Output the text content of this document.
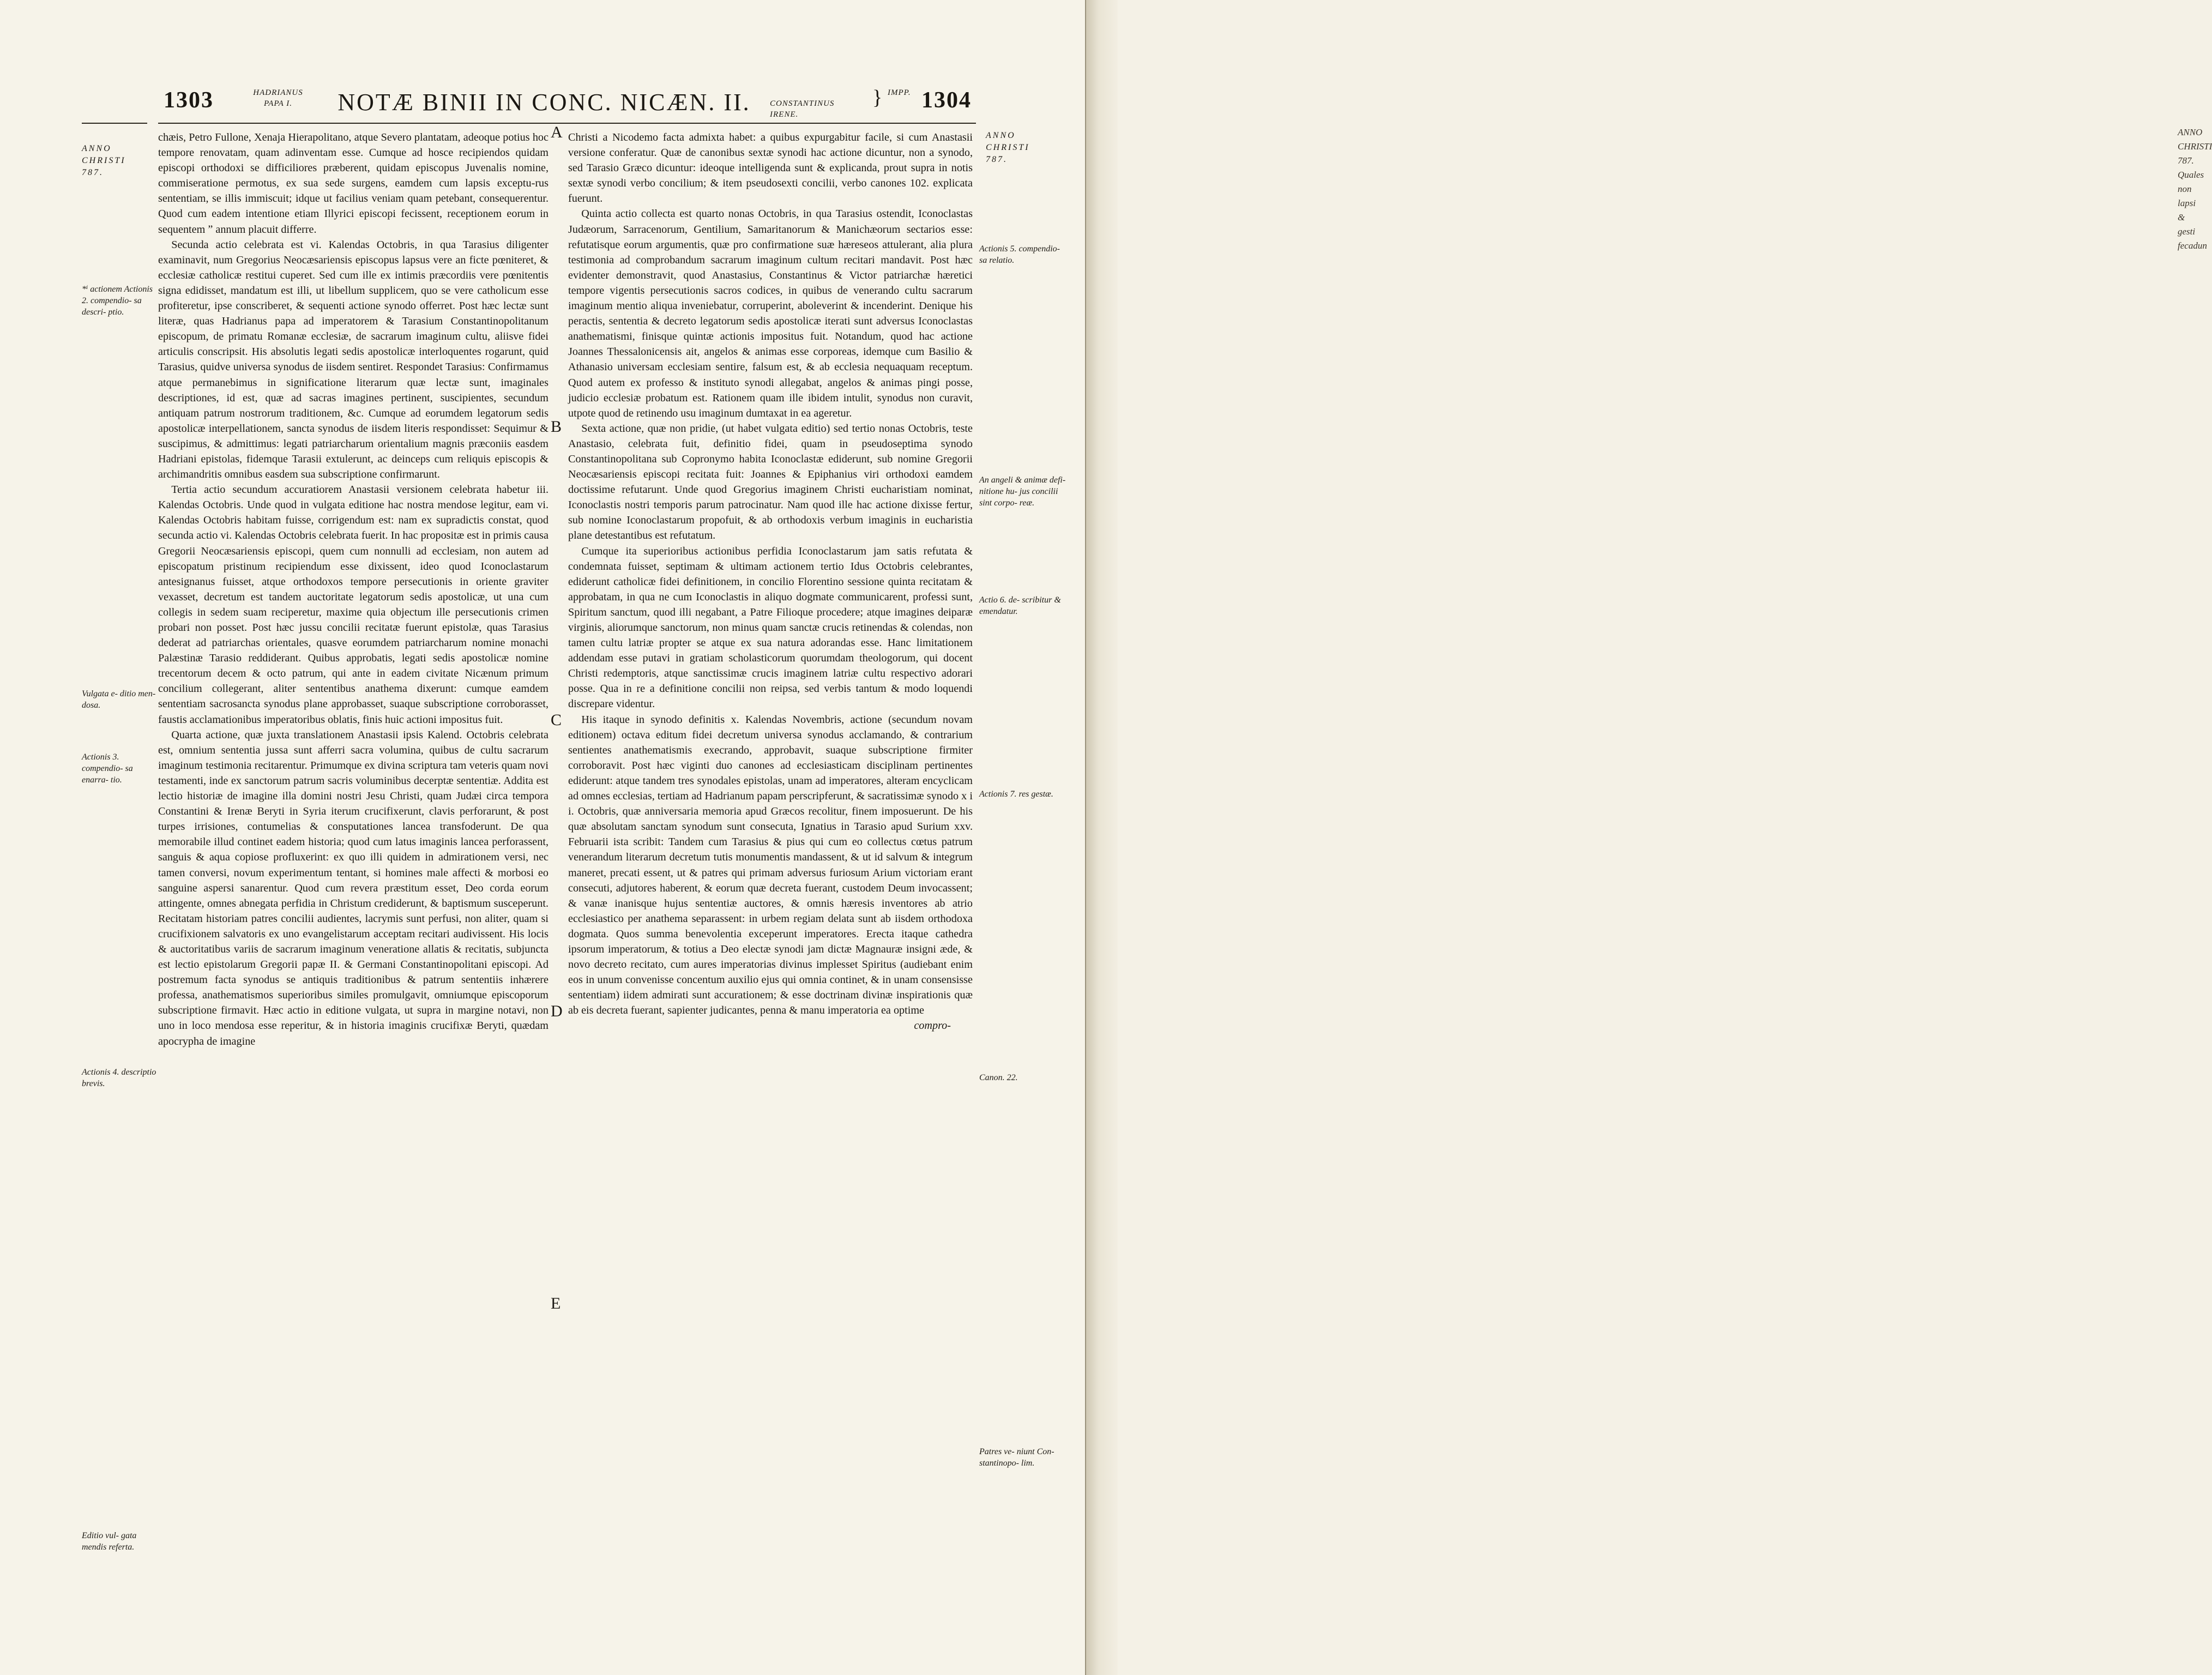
ANNO CHRISTI 787. Quales non lapsi & gesti fecadun
1303	HADRIANUS
PAPA I.	NOTÆ BINII IN CONC. NICÆN. II. CONSTANTINUS
IRENE.

} IMPP. 1304
ANNO CHRISTI 787.
ANNO CHRISTI 787.
*ⁱ actionem Actionis 2. compendio- sa descri- ptio.
Vulgata e- ditio men- dosa.
Actionis 3. compendio- sa enarra- tio.
Actionis 4. descriptio brevis.
Editio vul- gata mendis referta.
Actionis 5. compendio- sa relatio.
An angeli & animæ defi- nitione hu- jus concilii sint corpo- reæ.
Actio 6. de- scribitur & emendatur.
Actionis 7. res gestæ.
Canon. 22.
Patres ve- niunt Con- stantinopo- lim.
A
B
C
D
E

chæis, Petro Fullone, Xenaja Hierapolitano, atque Severo plantatam, adeoque potius hoc tempore renovatam, quam adinventam esse. Cumque ad hosce recipiendos quidam episcopi orthodoxi se difficiliores præberent, quidam episcopus Juvenalis nomine, commiseratione permotus, ex sua sede surgens, eamdem cum lapsis exceptu-rus sententiam, se illis immiscuit; idque ut facilius veniam quam petebant, consequerentur. Quod cum eadem intentione etiam Illyrici episcopi fecissent, receptionem eorum in sequentem ˮ annum placuit differre.

Secunda actio celebrata est vi. Kalendas Octobris, in qua Tarasius diligenter examinavit, num Gregorius Neocæsariensis episcopus lapsus vere an ficte pœniteret, & ecclesiæ catholicæ restitui cuperet. Sed cum ille ex intimis præcordiis vere pœnitentis signa edidisset, mandatum est illi, ut libellum supplicem, quo se vere catholicum esse profiteretur, ipse conscriberet, & sequenti actione synodo offerret. Post hæc lectæ sunt literæ, quas Hadrianus papa ad imperatorem & Tarasium Constantinopolitanum episcopum, de primatu Romanæ ecclesiæ, de sacrarum imaginum cultu, aliisve fidei articulis conscripsit. His absolutis legati sedis apostolicæ interloquentes rogarunt, quid Tarasius, quidve universa synodus de iisdem sentiret. Respondet Tarasius: Confirmamus atque permanebimus in significatione literarum quæ lectæ sunt, imaginales descriptiones, id est, quæ ad sacras imagines pertinent, suscipientes, secundum antiquam patrum nostrorum traditionem, &c. Cumque ad eorumdem legatorum sedis apostolicæ interpellationem, sancta synodus de iisdem literis respondisset: Sequimur & suscipimus, & admittimus: legati patriarcharum orientalium magnis præconiis easdem Hadriani epistolas, fidemque Tarasii extulerunt, ac deinceps cum reliquis episcopis & archimandritis omnibus easdem sua subscriptione confirmarunt.

Tertia actio secundum accuratiorem Anastasii versionem celebrata habetur iii. Kalendas Octobris. Unde quod in vulgata editione hac nostra mendose legitur, eam vi. Kalendas Octobris habitam fuisse, corrigendum est: nam ex supradictis constat, quod secunda actio vi. Kalendas Octobris celebrata fuerit. In hac propositæ est in primis causa Gregorii Neocæsariensis episcopi, quem cum nonnulli ad ecclesiam, non autem ad episcopatum pristinum recipiendum esse dixissent, ideo quod Iconoclastarum antesignanus fuisset, atque orthodoxos tempore persecutionis in oriente graviter vexasset, decretum est tandem auctoritate legatorum sedis apostolicæ, ut una cum collegis in sedem suam reciperetur, maxime quia objectum ille persecutionis crimen probari non posset. Post hæc jussu concilii recitatæ fuerunt epistolæ, quas Tarasius dederat ad patriarchas orientales, quasve eorumdem patriarcharum nomine monachi Palæstinæ Tarasio reddiderant. Quibus approbatis, legati sedis apostolicæ nomine trecentorum decem & octo patrum, qui ante in eadem civitate Nicænum primum concilium collegerant, aliter sententibus anathema dixerunt: cumque eamdem sententiam sacrosancta synodus plane approbasset, suaque subscriptione corroborasset, faustis acclamationibus imperatoribus oblatis, finis huic actioni impositus fuit.

Quarta actione, quæ juxta translationem Anastasii ipsis Kalend. Octobris celebrata est, omnium sententia jussa sunt afferri sacra volumina, quibus de cultu sacrarum imaginum testimonia recitarentur. Primumque ex divina scriptura tam veteris quam novi testamenti, inde ex sanctorum patrum sacris voluminibus decerptæ sententiæ. Addita est lectio historiæ de imagine illa domini nostri Jesu Christi, quam Judæi circa tempora Constantini & Irenæ Beryti in Syria iterum crucifixerunt, clavis perforarunt, & post turpes irrisiones, contumelias & consputationes lancea transfoderunt. De qua memorabile illud continet eadem historia; quod cum latus imaginis lancea perforassent, sanguis & aqua copiose profluxerint: ex quo illi quidem in admirationem versi, nec tamen conversi, novum experimentum tentant, si homines male affecti & morbosi eo sanguine aspersi sanarentur. Quod cum revera præstitum esset, Deo corda eorum attingente, omnes abnegata perfidia in Christum crediderunt, & baptismum susceperunt. Recitatam historiam patres concilii audientes, lacrymis sunt perfusi, non aliter, quam si crucifixionem salvatoris ex uno evangelistarum acceptam recitari audivissent. His locis & auctoritatibus variis de sacrarum imaginum veneratione allatis & recitatis, subjuncta est lectio epistolarum Gregorii papæ II. & Germani Constantinopolitani episcopi. Ad postremum facta synodus se antiquis traditionibus & patrum sententiis inhærere professa, anathematismos superioribus similes promulgavit, omniumque episcoporum subscriptione firmavit. Hæc actio in editione vulgata, ut supra in margine notavi, non uno in loco mendosa esse reperitur, & in historia imaginis crucifixæ Beryti, quædam apocrypha de imagine

Christi a Nicodemo facta admixta habet: a quibus expurgabitur facile, si cum Anastasii versione conferatur. Quæ de canonibus sextæ synodi hac actione dicuntur, non a synodo, sed Tarasio Græco dicuntur: ideoque intelligenda sunt & explicanda, prout supra in notis sextæ synodi verbo concilium; & item pseudosexti concilii, verbo canones 102. explicata fuerunt.

Quinta actio collecta est quarto nonas Octobris, in qua Tarasius ostendit, Iconoclastas Judæorum, Sarracenorum, Gentilium, Samaritanorum & Manichæorum sectarios esse: refutatisque eorum argumentis, quæ pro confirmatione suæ hæreseos attulerant, alia plura testimonia ad comprobandum sacrarum imaginum cultum recitari mandavit. Post hæc evidenter demonstravit, quod Anastasius, Constantinus & Victor patriarchæ hæretici tempore vigentis persecutionis sacros codices, in quibus de venerando cultu sacrarum imaginum mentio aliqua inveniebatur, corruperint, aboleverint & incenderint. Denique his peractis, sententia & decreto legatorum sedis apostolicæ iterati sunt adversus Iconoclastas anathematismi, finisque quintæ actionis impositus fuit. Notandum, quod hac actione Joannes Thessalonicensis ait, angelos & animas esse corporeas, idemque cum Basilio & Athanasio universam ecclesiam sentire, falsum est, & ab ecclesia nequaquam receptum. Quod autem ex professo & instituto synodi allegabat, angelos & animas pingi posse, judicio ecclesiæ probatum est. Rationem quam ille ibidem intulit, synodus non curavit, utpote quod de retinendo usu imaginum dumtaxat in ea ageretur.

Sexta actione, quæ non pridie, (ut habet vulgata editio) sed tertio nonas Octobris, teste Anastasio, celebrata fuit, definitio fidei, quam in pseudoseptima synodo Constantinopolitana sub Copronymo habita Iconoclastæ ediderunt, sub nomine Gregorii Neocæsariensis episcopi recitata fuit: Joannes & Epiphanius viri orthodoxi eamdem doctissime refutarunt. Unde quod Gregorius imaginem Christi eucharistiam nominat, Iconoclastis nostri temporis parum patrocinatur. Nam quod ille hac actione dixisse fertur, sub nomine Iconoclastarum propofuit, & ab orthodoxis verbum imaginis in eucharistia plane detestantibus est refutatum.

Cumque ita superioribus actionibus perfidia Iconoclastarum jam satis refutata & condemnata fuisset, septimam & ultimam actionem tertio Idus Octobris celebrantes, ediderunt catholicæ fidei definitionem, in concilio Florentino sessione quinta recitatam & approbatam, in qua ne cum Iconoclastis in aliquo dogmate communicarent, professi sunt, Spiritum sanctum, quod illi negabant, a Patre Filioque procedere; atque imagines deiparæ virginis, aliorumque sanctorum, non minus quam sanctæ crucis retinendas & colendas, non tamen cultu latriæ propter se atque ex sua natura adorandas esse. Hanc limitationem addendam esse putavi in gratiam scholasticorum quorumdam theologorum, qui docent Christi redemptoris, atque sanctissimæ crucis imaginem latriæ cultu respectivo adorari posse. Qua in re a definitione concilii non reipsa, sed verbis tantum & modo loquendi discrepare videntur.

His itaque in synodo definitis x. Kalendas Novembris, actione (secundum novam editionem) octava editum fidei decretum universa synodus acclamando, & contrarium sentientes anathematismis execrando, approbavit, suaque subscriptione firmiter corroboravit. Post hæc viginti duo canones ad ecclesiasticam disciplinam pertinentes ediderunt: atque tandem tres synodales epistolas, unam ad imperatores, alteram encyclicam ad omnes ecclesias, tertiam ad Hadrianum papam perscripferunt, & sacratissimæ synodo x i i. Octobris, quæ anniversaria memoria apud Græcos recolitur, finem imposuerunt. De his quæ absolutam sanctam synodum sunt consecuta, Ignatius in Tarasio apud Surium xxv. Februarii ista scribit: Tandem cum Tarasius & pius qui cum eo collectus cœtus patrum venerandum literarum decretum tutis monumentis mandassent, & ut id salvum & integrum maneret, precati essent, ut & patres qui primam adversus furiosum Arium victoriam erant consecuti, adjutores haberent, & eorum quæ decreta fuerant, custodem Deum invocassent; & vanæ inanisque hujus sententiæ auctores, & omnis hæresis inventores ab atrio ecclesiastico per anathema separassent: in urbem regiam delata sunt ab iisdem orthodoxa dogmata. Quos summa benevolentia exceperunt imperatores. Erecta itaque cathedra ipsorum imperatorum, & totius a Deo electæ synodi jam dictæ Magnauræ insigni æde, & novo decreto recitato, cum aures imperatorias divinus implesset Spiritus (audiebant enim eos in unum convenisse concentum auxilio ejus qui omnia continet, & in unam consensisse sententiam) iidem admirati sunt accurationem; & esse doctrinam divinæ inspirationis quæ ab eis decreta fuerant, sapienter judicantes, penna & manu imperatoria ea optime

compro-
